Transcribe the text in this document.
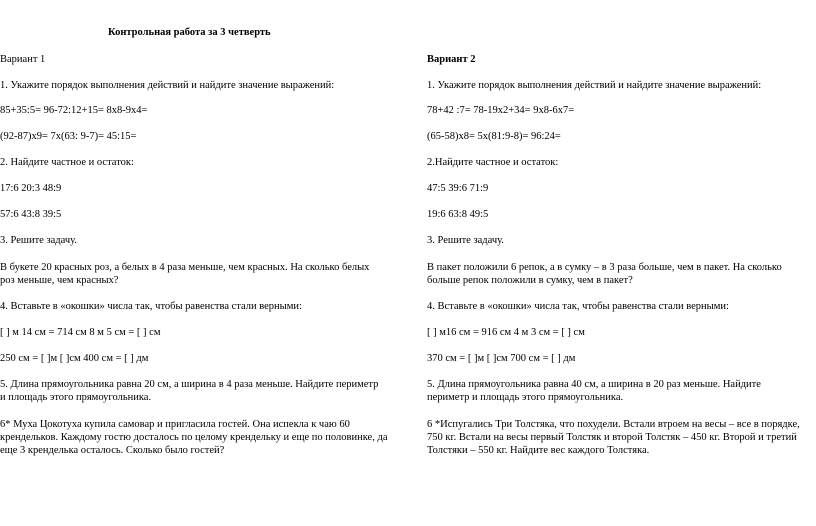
Контрольная работа за 3 четверть
Вариант 1
1. Укажите порядок выполнения действий и найдите значение выражений:
85+35:5= 96-72:12+15= 8х8-9х4=
(92-87)х9= 7х(63: 9-7)= 45:15=
2. Найдите частное и остаток:
17:6 20:3 48:9
57:6 43:8 39:5
3. Решите задачу.
В букете 20 красных роз, а белых в 4 раза меньше, чем красных. На сколько белых роз меньше, чем красных?
4. Вставьте в «окошки» числа так, чтобы равенства стали верными:
[ ] м 14 см = 714 см 8 м 5 см = [ ] см
250 см = [ ]м [ ]см 400 см = [ ] дм
5. Длина прямоугольника равна 20 см, а ширина в 4 раза меньше. Найдите периметр и площадь этого прямоугольника.
6* Муха Цокотуха купила самовар и пригласила гостей. Она испекла к чаю 60 крендельков. Каждому гостю досталось по целому крендельку и еще по половинке, да еще 3 кренделька осталось. Сколько было гостей?
Вариант 2
1. Укажите порядок выполнения действий и найдите значение выражений:
78+42 :7= 78-19х2+34= 9х8-6х7=
(65-58)х8= 5х(81:9-8)= 96:24=
2.Найдите частное и остаток:
47:5 39:6 71:9
19:6 63:8 49:5
3. Решите задачу.
В пакет положили 6 репок, а в сумку – в 3 раза больше, чем в пакет. На сколько больше репок положили в сумку, чем в пакет?
4. Вставьте в «окошки» числа так, чтобы равенства стали верными:
[ ] м16 см = 916 см 4 м 3 см = [ ] см
370 см = [ ]м [ ]см 700 см = [ ] дм
5. Длина прямоугольника равна 40 см, а ширина в 20 раз меньше. Найдите периметр и площадь этого прямоугольника.
6 *Испугались Три Толстяка, что похудели. Встали втроем на весы – все в порядке, 750 кг. Встали на весы первый Толстяк и второй Толстяк – 450 кг. Второй и третий Толстяки – 550 кг. Найдите вес каждого Толстяка.
